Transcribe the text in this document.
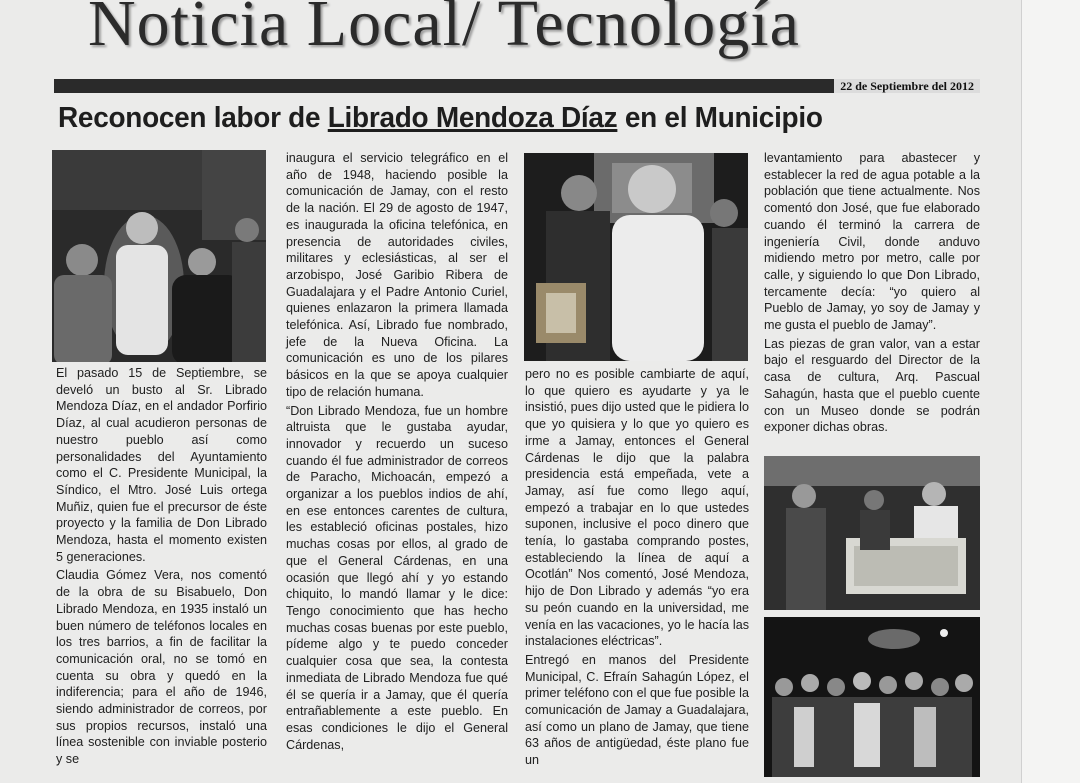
Noticia Local/ Tecnología
22 de Septiembre del 2012
Reconocen labor de Librado Mendoza Díaz en el Municipio

El pasado 15 de Septiembre, se develó un busto al Sr. Librado Mendoza Díaz, en el andador Porfirio Díaz, al cual acudieron personas de nuestro pueblo así como personalidades del Ayuntamiento como el C. Presidente Municipal, la Síndico, el Mtro. José Luis ortega Muñiz, quien fue el precursor de éste proyecto y la familia de Don Librado Mendoza, hasta el momento existen 5 generaciones.

Claudia Gómez Vera, nos comentó de la obra de su Bisabuelo, Don Librado Mendoza, en 1935 instaló un buen número de teléfonos locales en los tres barrios, a fin de facilitar la comunicación oral, no se tomó en cuenta su obra y quedó en la indiferencia; para el año de 1946, siendo administrador de correos, por sus propios recursos, instaló una línea sostenible con inviable posterio y se

inaugura el servicio telegráfico en el año de 1948, haciendo posible la comunicación de Jamay, con el resto de la nación. El 29 de agosto de 1947, es inaugurada la oficina telefónica, en presencia de autoridades civiles, militares y eclesiásticas, al ser el arzobispo, José Garibio Ribera de Guadalajara y el Padre Antonio Curiel, quienes enlazaron la primera llamada telefónica. Así, Librado fue nombrado, jefe de la Nueva Oficina. La comunicación es uno de los pilares básicos en la que se apoya cualquier tipo de relación humana.

“Don Librado Mendoza, fue un hombre altruista que le gustaba ayudar, innovador y recuerdo un suceso cuando él fue administrador de correos de Paracho, Michoacán, empezó a organizar a los pueblos indios de ahí, en ese entonces carentes de cultura, les estableció oficinas postales, hizo muchas cosas por ellos, al grado de que el General Cárdenas, en una ocasión que llegó ahí y yo estando chiquito, lo mandó llamar y le dice: Tengo conocimiento que has hecho muchas cosas buenas por este pueblo, pídeme algo y te puedo conceder cualquier cosa que sea, la contesta inmediata de Librado Mendoza fue qué él se quería ir a Jamay, que él quería entrañablemente a este pueblo. En esas condiciones le dijo el General Cárdenas,

pero no es posible cambiarte de aquí, lo que quiero es ayudarte y ya le insistió, pues dijo usted que le pidiera lo que yo quisiera y lo que yo quiero es irme a Jamay, entonces el General Cárdenas le dijo que la palabra presidencia está empeñada, vete a Jamay, así fue como llego aquí, empezó a trabajar en lo que ustedes suponen, inclusive el poco dinero que tenía, lo gastaba comprando postes, estableciendo la línea de aquí a Ocotlán” Nos comentó, José Mendoza, hijo de Don Librado y además “yo era su peón cuando en la universidad, me venía en las vacaciones, yo le hacía las instalaciones eléctricas”.

Entregó en manos del Presidente Municipal, C. Efraín Sahagún López, el primer teléfono con el que fue posible la comunicación de Jamay a Guadalajara, así como un plano de Jamay, que tiene 63 años de antigüedad, éste plano fue un

levantamiento para abastecer y establecer la red de agua potable a la población que tiene actualmente. Nos comentó don José, que fue elaborado cuando él terminó la carrera de ingeniería Civil, donde anduvo midiendo metro por metro, calle por calle, y siguiendo lo que Don Librado, tercamente decía: “yo quiero al Pueblo de Jamay, yo soy de Jamay y me gusta el pueblo de Jamay”.

Las piezas de gran valor, van a estar bajo el resguardo del Director de la casa de cultura, Arq. Pascual Sahagún, hasta que el pueblo cuente con un Museo donde se podrán exponer dichas obras.
